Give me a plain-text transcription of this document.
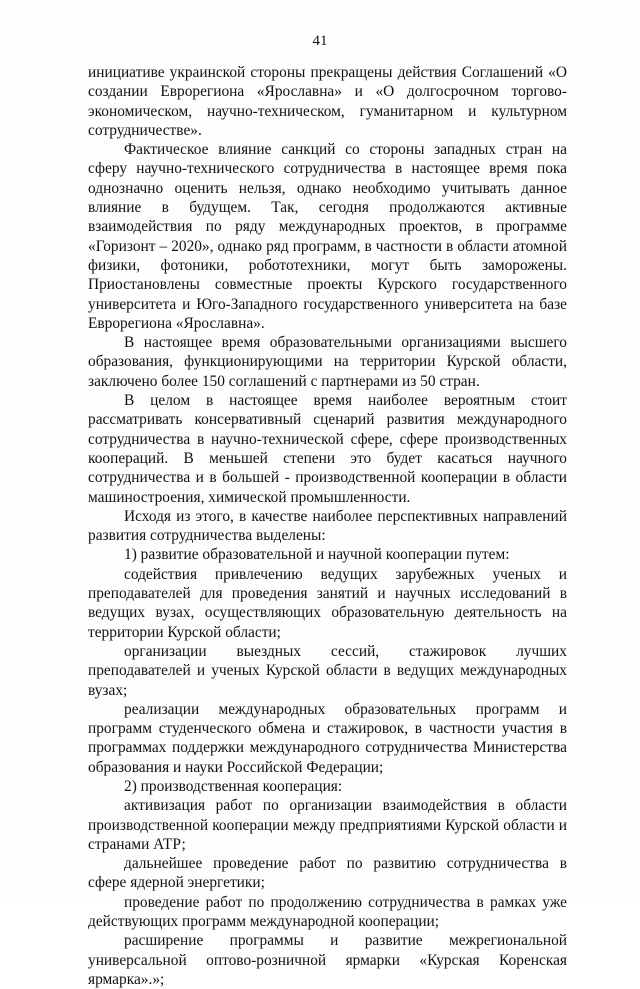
41

инициативе украинской стороны прекращены действия Соглашений «О создании Еврорегиона «Ярославна» и «О долгосрочном торгово-экономическом, научно-техническом, гуманитарном и культурном сотрудничестве».

Фактическое влияние санкций со стороны западных стран на сферу научно-технического сотрудничества в настоящее время пока однозначно оценить нельзя, однако необходимо учитывать данное влияние в будущем. Так, сегодня продолжаются активные взаимодействия по ряду международных проектов, в программе «Горизонт – 2020», однако ряд программ, в частности в области атомной физики, фотоники, робототехники, могут быть заморожены. Приостановлены совместные проекты Курского государственного университета и Юго-Западного государственного университета на базе Еврорегиона «Ярославна».

В настоящее время образовательными организациями высшего образования, функционирующими на территории Курской области, заключено более 150 соглашений с партнерами из 50 стран.

В целом в настоящее время наиболее вероятным стоит рассматривать консервативный сценарий развития международного сотрудничества в научно-технической сфере, сфере производственных коопераций. В меньшей степени это будет касаться научного сотрудничества и в большей - производственной кооперации в области машиностроения, химической промышленности.

Исходя из этого, в качестве наиболее перспективных направлений развития сотрудничества выделены:

1) развитие образовательной и научной кооперации путем:

содействия привлечению ведущих зарубежных ученых и преподавателей для проведения занятий и научных исследований в ведущих вузах, осуществляющих образовательную деятельность на территории Курской области;

организации выездных сессий, стажировок лучших преподавателей и ученых Курской области в ведущих международных вузах;

реализации международных образовательных программ и программ студенческого обмена и стажировок, в частности участия в программах поддержки международного сотрудничества Министерства образования и науки Российской Федерации;

2) производственная кооперация:

активизация работ по организации взаимодействия в области производственной кооперации между предприятиями Курской области и странами АТР;

дальнейшее проведение работ по развитию сотрудничества в сфере ядерной энергетики;

проведение работ по продолжению сотрудничества в рамках уже действующих программ международной кооперации;

расширение программы и развитие межрегиональной универсальной оптово-розничной ярмарки «Курская Коренская ярмарка».»;
